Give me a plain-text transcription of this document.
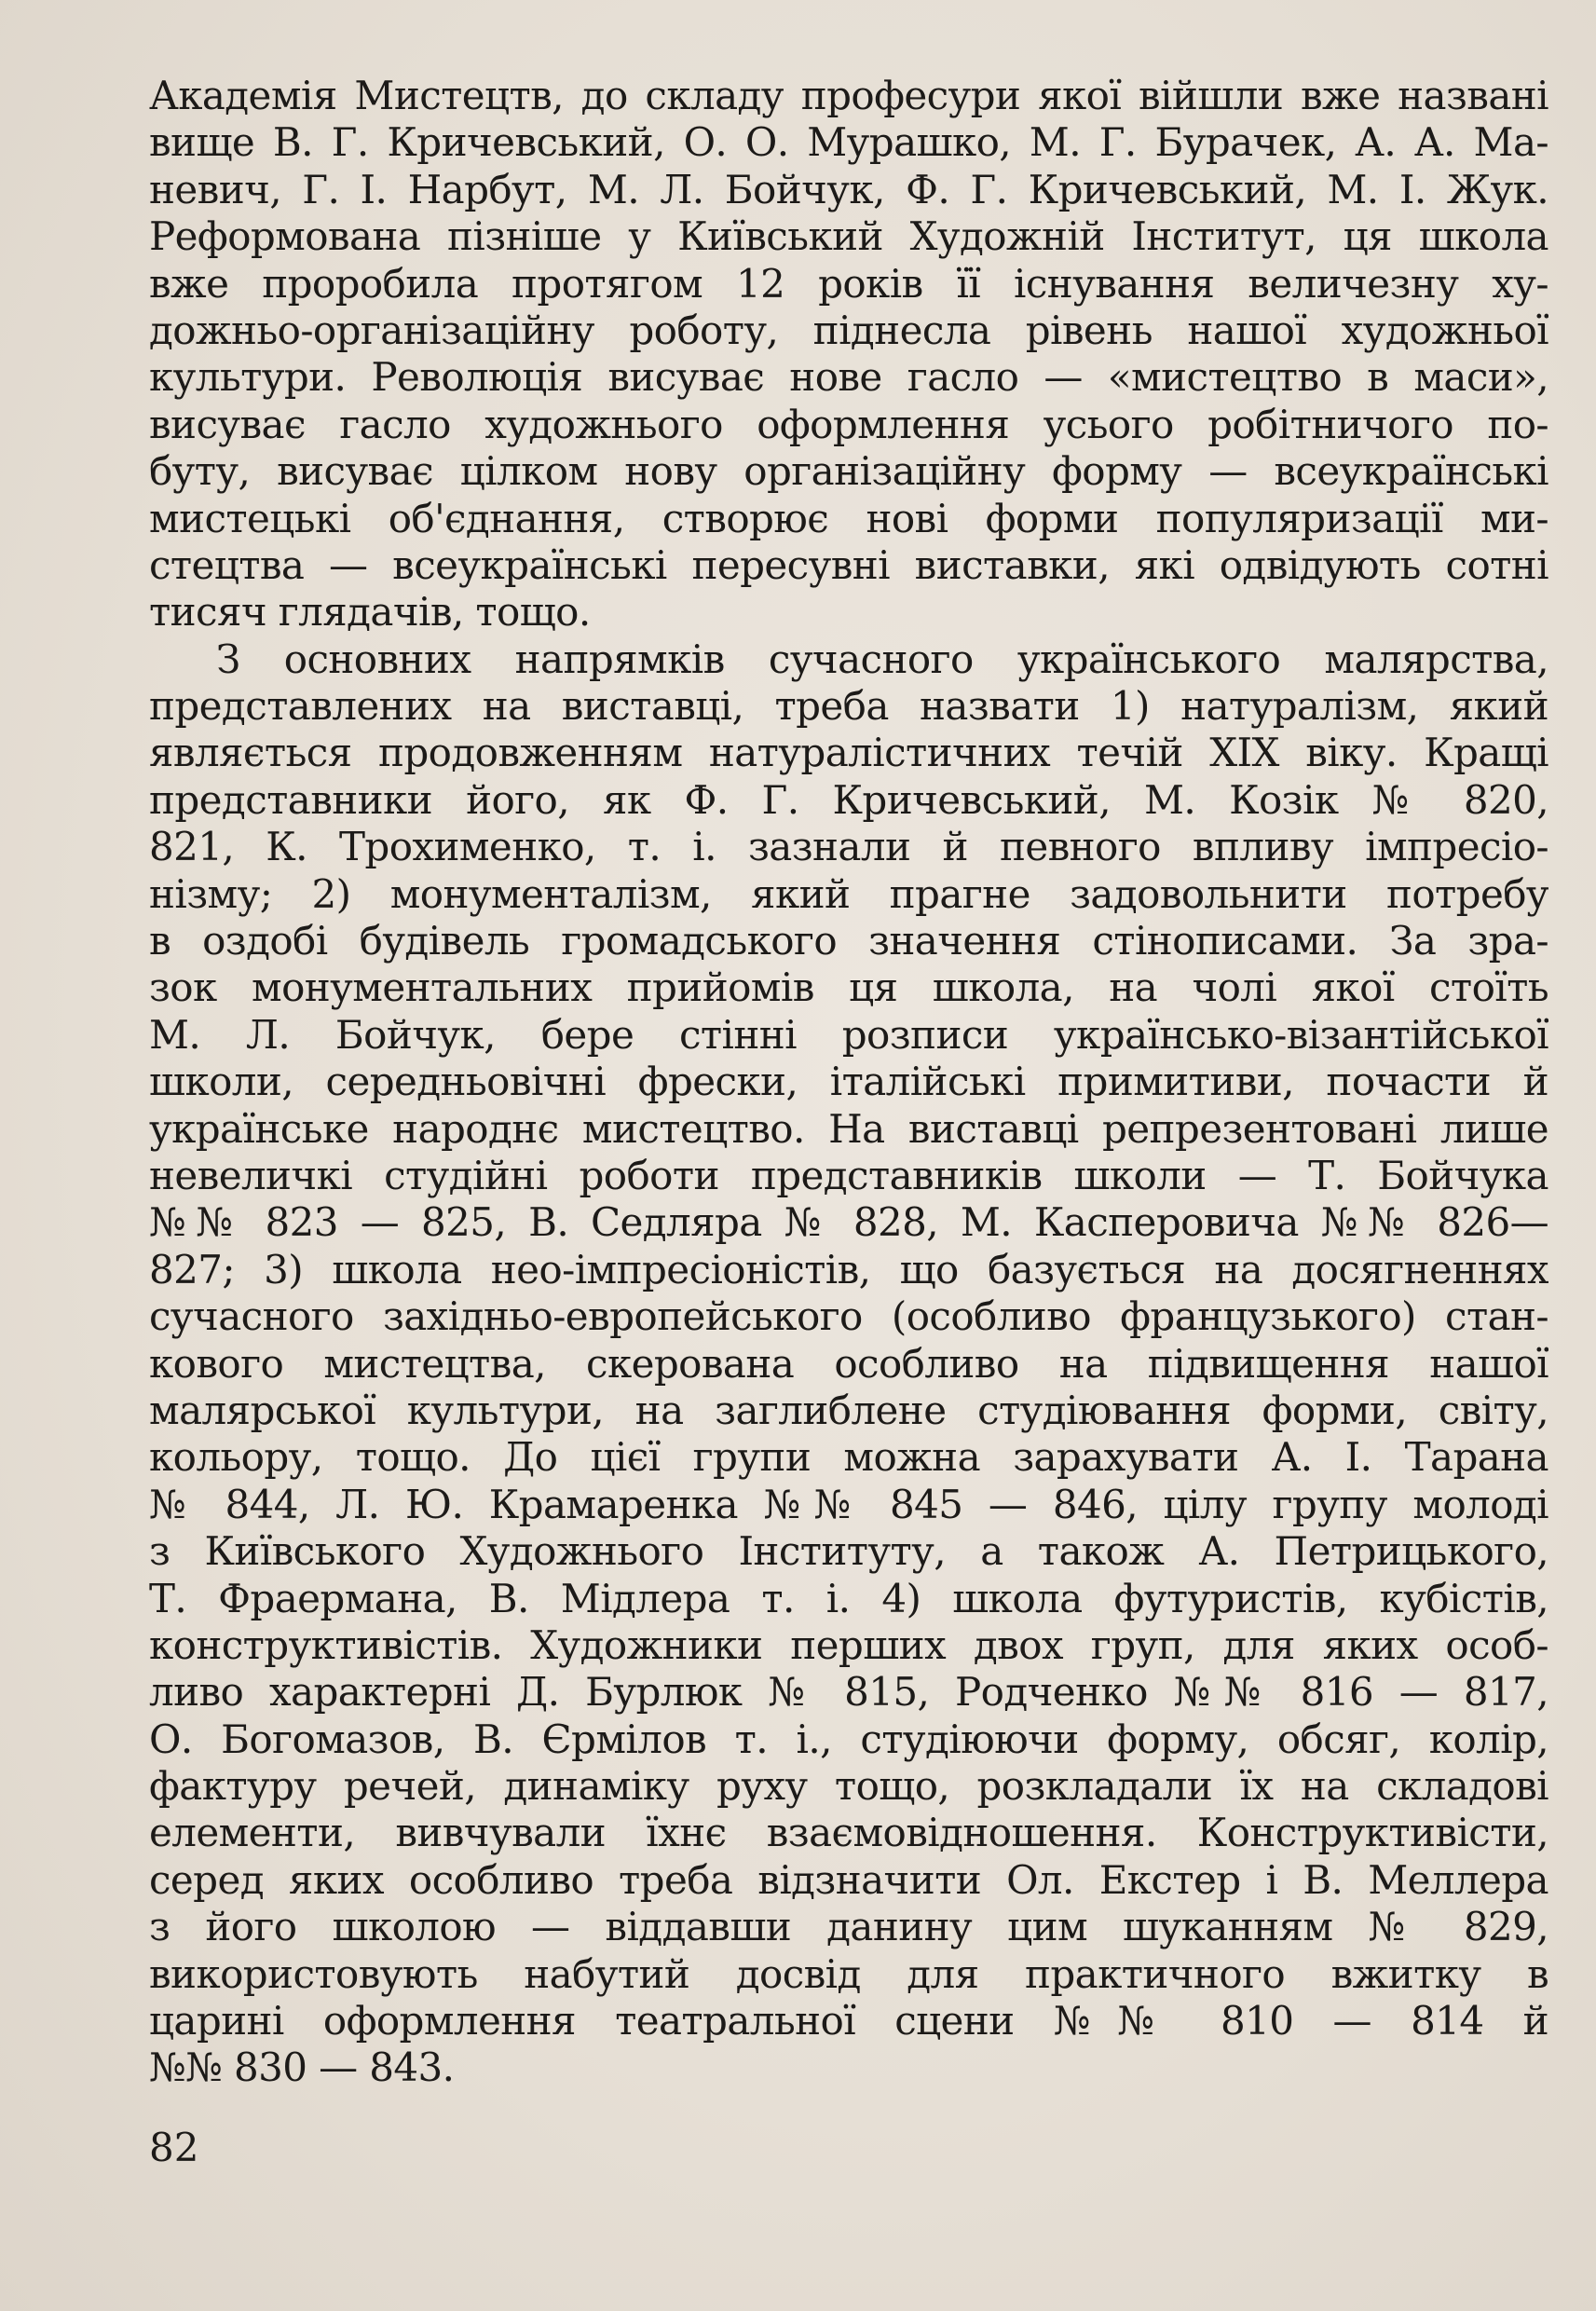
Академія Мистецтв, до складу професури якої війшли вже названі
вище В. Г. Кричевський, О. О. Мурашко, М. Г. Бурачек, А. А. Ма-
невич, Г. І. Нарбут, М. Л. Бойчук, Ф. Г. Кричевський, М. І. Жук.
Реформована пізніше у Київський Художній Інститут, ця школа
вже проробила протягом 12 років її існування величезну ху-
дожньо-організаційну роботу, піднесла рівень нашої художньої
культури. Революція висуває нове гасло — «мистецтво в маси»,
висуває гасло художнього оформлення усього робітничого по-
буту, висуває цілком нову організаційну форму — всеукраїнські
мистецькі об'єднання, створює нові форми популяризації ми-
стецтва — всеукраїнські пересувні виставки, які одвідують сотні
тисяч глядачів, тощо.
З основних напрямків сучасного українського малярства,
представлених на виставці, треба назвати 1) натуралізм, який
являється продовженням натуралістичних течій XIX віку. Кращі
представники його, як Ф. Г. Кричевський, М. Козік № 820,
821, К. Трохименко, т. і. зазнали й певного впливу імпресіо-
нізму; 2) монументалізм, який прагне задовольнити потребу
в оздобі будівель громадського значення стінописами. За зра-
зок монументальних прийомів ця школа, на чолі якої стоїть
М. Л. Бойчук, бере стінні розписи українсько-візантійської
школи, середньовічні фрески, італійські примитиви, почасти й
українське народнє мистецтво. На виставці репрезентовані лише
невеличкі студійні роботи представників школи — Т. Бойчука
№№ 823 — 825, В. Седляра № 828, М. Касперовича №№ 826—
827; 3) школа нео-імпресіоністів, що базується на досягненнях
сучасного західньо-европейського (особливо французького) стан-
кового мистецтва, скерована особливо на підвищення нашої
малярської культури, на заглиблене студіювання форми, світу,
кольору, тощо. До цієї групи можна зарахувати А. І. Тарана
№ 844, Л. Ю. Крамаренка №№ 845 — 846, цілу групу молоді
з Київського Художнього Інституту, а також А. Петрицького,
Т. Фраермана, В. Мідлера т. і. 4) школа футуристів, кубістів,
конструктивістів. Художники перших двох груп, для яких особ-
ливо характерні Д. Бурлюк № 815, Родченко №№ 816 — 817,
О. Богомазов, В. Єрмілов т. і., студіюючи форму, обсяг, колір,
фактуру речей, динаміку руху тощо, розкладали їх на складові
елементи, вивчували їхнє взаємовідношення. Конструктивісти,
серед яких особливо треба відзначити Ол. Екстер і В. Меллера
з його школою — віддавши данину цим шуканням № 829,
використовують набутий досвід для практичного вжитку в
царині оформлення театральної сцени №№ 810 — 814 й
№№ 830 — 843.
82
